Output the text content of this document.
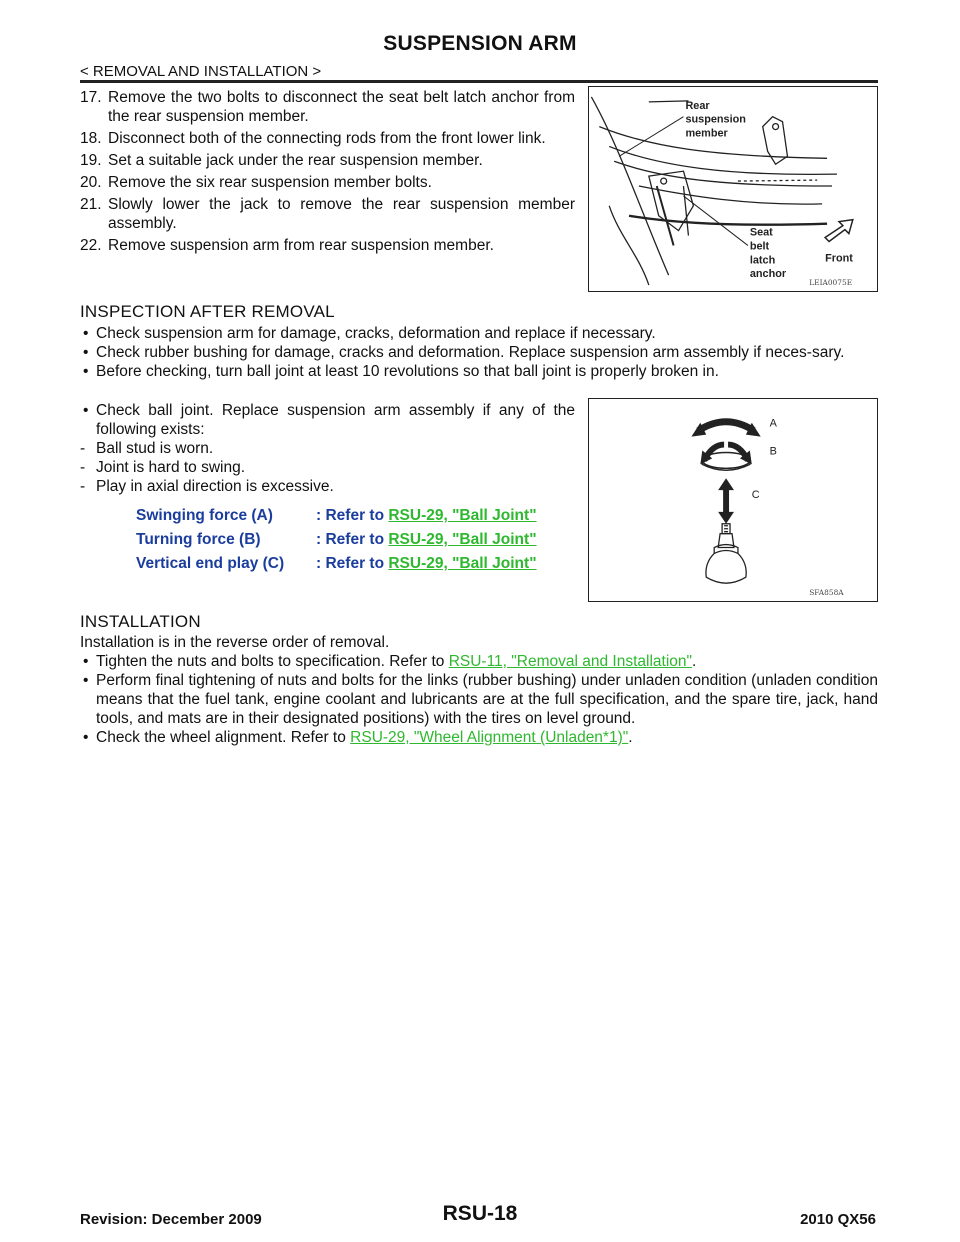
SUSPENSION ARM
< REMOVAL AND INSTALLATION >
17. Remove the two bolts to disconnect the seat belt latch anchor from the rear suspension member.
18. Disconnect both of the connecting rods from the front lower link.
19. Set a suitable jack under the rear suspension member.
20. Remove the six rear suspension member bolts.
21. Slowly lower the jack to remove the rear suspension member assembly.
22. Remove suspension arm from rear suspension member.
Rear
suspension
member
Seat
belt
latch
anchor
Front
LEIA0075E
INSPECTION AFTER REMOVAL
• Check suspension arm for damage, cracks, deformation and replace if necessary.
• Check rubber bushing for damage, cracks and deformation. Replace suspension arm assembly if neces-sary.
• Before checking, turn ball joint at least 10 revolutions so that ball joint is properly broken in.
• Check ball joint. Replace suspension arm assembly if any of the following exists:
- Ball stud is worn.
- Joint is hard to swing.
- Play in axial direction is excessive.
Swinging force (A)	: Refer to RSU-29, "Ball Joint"
Turning force (B)	: Refer to RSU-29, "Ball Joint"
Vertical end play (C) : Refer to RSU-29, "Ball Joint"
A
B
C
SFA858A
INSTALLATION
Installation is in the reverse order of removal.
• Tighten the nuts and bolts to specification. Refer to RSU-11, "Removal and Installation".
• Perform final tightening of nuts and bolts for the links (rubber bushing) under unladen condition (unladen condition means that the fuel tank, engine coolant and lubricants are at the full specification, and the spare tire, jack, hand tools, and mats are in their designated positions) with the tires on level ground.
• Check the wheel alignment. Refer to RSU-29, "Wheel Alignment (Unladen*1)".
Revision: December 2009	RSU-18	2010 QX56
